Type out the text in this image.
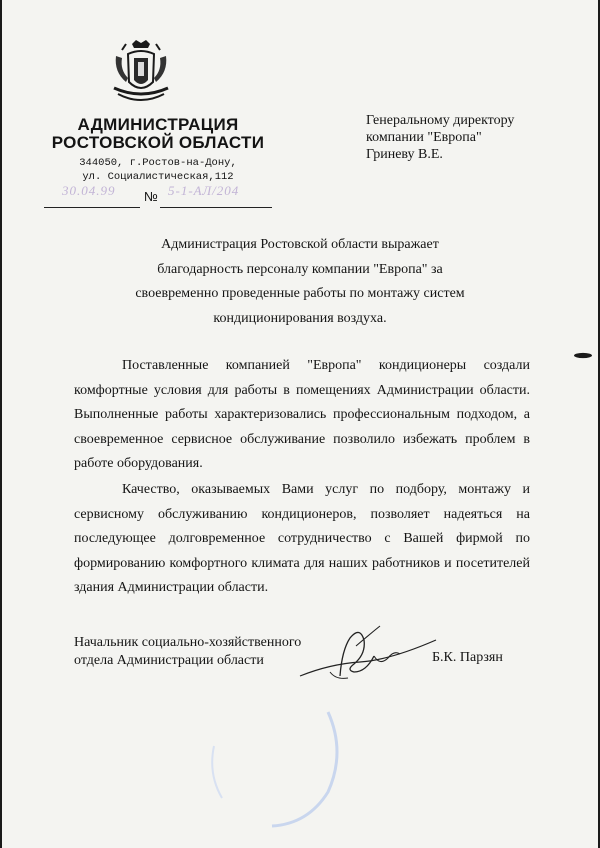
АДМИНИСТРАЦИЯ
РОСТОВСКОЙ ОБЛАСТИ
344050, г.Ростов-на-Дону,
ул. Социалистическая,112
30.04.99 № 5-1-АЛ/204
Генеральному директору
компании "Европа"
Гриневу В.Е.
Администрация Ростовской области выражает
благодарность персоналу компании "Европа" за
своевременно проведенные работы по монтажу систем
кондиционирования воздуха.
Поставленные компанией "Европа" кондиционеры создали комфортные условия для работы в помещениях Администрации области. Выполненные работы характеризовались профессиональным подходом, а своевременное сервисное обслуживание позволило избежать проблем в работе оборудования.
Качество, оказываемых Вами услуг по подбору, монтажу и сервисному обслуживанию кондиционеров, позволяет надеяться на последующее долговременное сотрудничество с Вашей фирмой по формированию комфортного климата для наших работников и посетителей здания Администрации области.
Начальник социально-хозяйственного
отдела Администрации области	Б.К. Парзян
